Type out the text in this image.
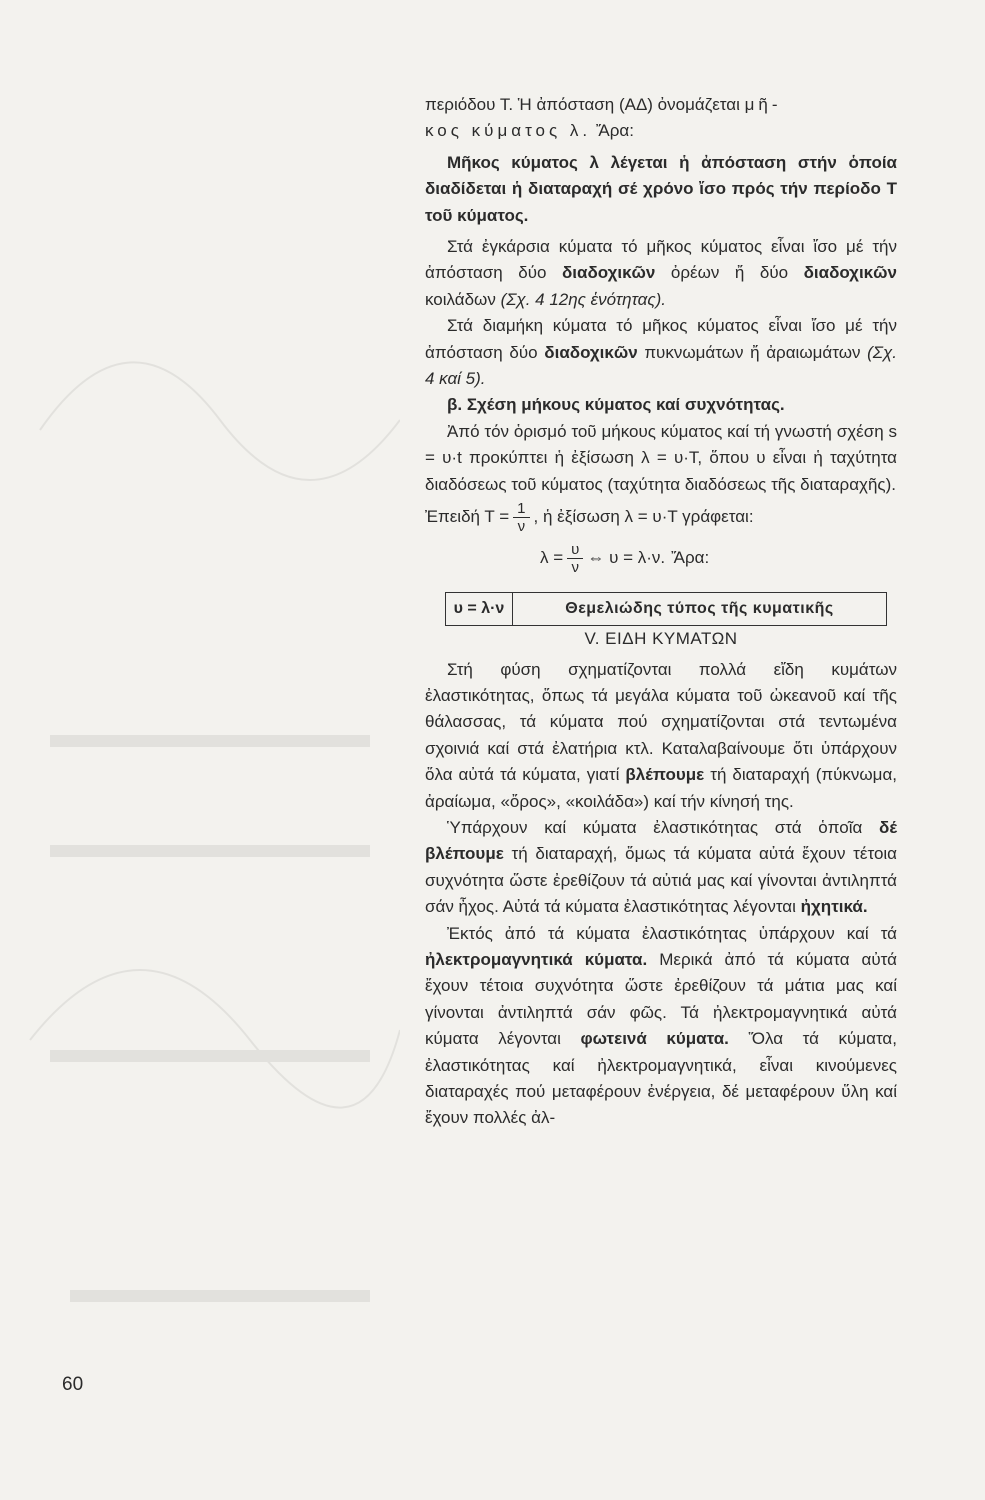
περιόδου Τ. Ἡ ἀπόσταση (ΑΔ) ὀνομάζεται μῆ-
κος κύματος λ. Ἄρα:

Μῆκος κύματος λ λέγεται ἡ ἀπόσταση στήν ὁποία διαδίδεται ἡ διαταραχή σέ χρόνο ἴσο πρός τήν περίοδο Τ τοῦ κύματος.

Στά ἐγκάρσια κύματα τό μῆκος κύματος εἶναι ἴσο μέ τήν ἀπόσταση δύο διαδοχικῶν ὀρέων ἤ δύο διαδοχικῶν κοιλάδων (Σχ. 4 12ης ἑνότητας).

Στά διαμήκη κύματα τό μῆκος κύματος εἶναι ἴσο μέ τήν ἀπόσταση δύο διαδοχικῶν πυκνωμάτων ἤ ἀραιωμάτων (Σχ. 4 καί 5).

β. Σχέση μήκους κύματος καί συχνότητας.

Ἀπό τόν ὁρισμό τοῦ μήκους κύματος καί τή γνωστή σχέση s = υ·t προκύπτει ἡ ἐξίσωση λ = υ·Τ, ὅπου υ εἶναι ἡ ταχύτητα διαδόσεως τοῦ κύματος (ταχύτητα διαδόσεως τῆς διαταραχῆς).

Ἐπειδή $T = \frac{1}{\nu}$ , ἡ ἐξίσωση λ = υ·Τ γράφεται:
$\lambda = \frac{\upsilon}{\nu}$ ⇔ υ = λ·ν. Ἄρα:
υ = λ·ν	Θεμελιώδης τύπος τῆς κυματικῆς

V. ΕΙΔΗ ΚΥΜΑΤΩΝ

Στή φύση σχηματίζονται πολλά εἴδη κυμάτων ἐλαστικότητας, ὅπως τά μεγάλα κύματα τοῦ ὠκεανοῦ καί τῆς θάλασσας, τά κύματα πού σχηματίζονται στά τεντωμένα σχοινιά καί στά ἐλατήρια κτλ. Καταλαβαίνουμε ὅτι ὑπάρχουν ὅλα αὐτά τά κύματα, γιατί βλέπουμε τή διαταραχή (πύκνωμα, ἀραίωμα, «ὄρος», «κοιλάδα») καί τήν κίνησή της.

Ὑπάρχουν καί κύματα ἐλαστικότητας στά ὁποῖα δέ βλέπουμε τή διαταραχή, ὅμως τά κύματα αὐτά ἔχουν τέτοια συχνότητα ὥστε ἐρεθίζουν τά αὐτιά μας καί γίνονται ἀντιληπτά σάν ἦχος. Αὐτά τά κύματα ἐλαστικότητας λέγονται ἠχητικά.

Ἐκτός ἀπό τά κύματα ἐλαστικότητας ὑπάρχουν καί τά ἠλεκτρομαγνητικά κύματα. Μερικά ἀπό τά κύματα αὐτά ἔχουν τέτοια συχνότητα ὥστε ἐρεθίζουν τά μάτια μας καί γίνονται ἀντιληπτά σάν φῶς. Τά ἠλεκτρομαγνητικά αὐτά κύματα λέγονται φωτεινά κύματα. Ὅλα τά κύματα, ἐλαστικότητας καί ἠλεκτρομαγνητικά, εἶναι κινούμενες διαταραχές πού μεταφέρουν ἐνέργεια, δέ μεταφέρουν ὕλη καί ἔχουν πολλές ἀλ-

60
